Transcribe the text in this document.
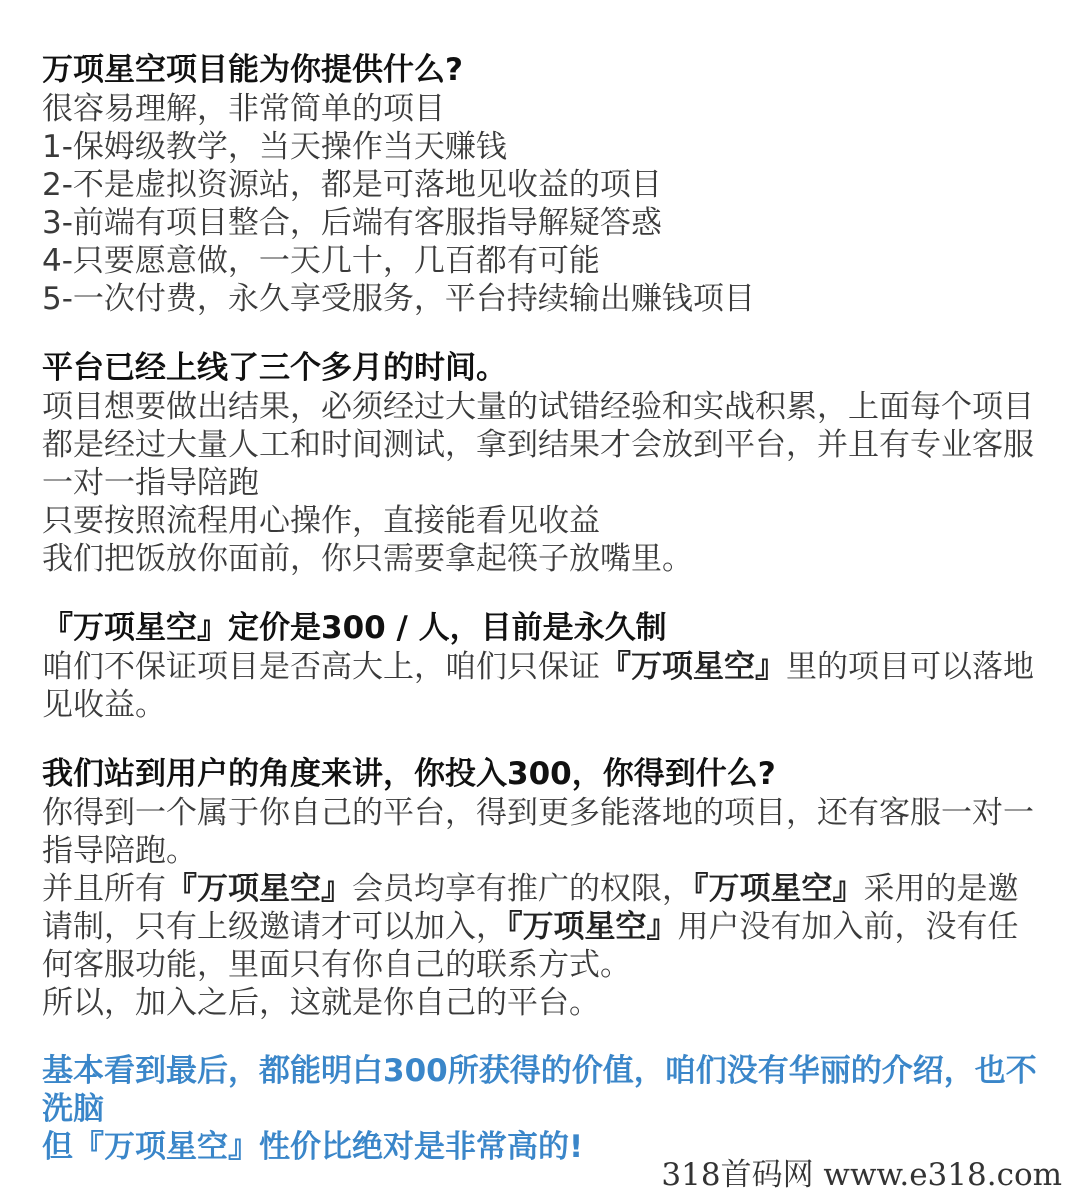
万项星空项目能为你提供什么?
很容易理解，非常简单的项目
1-保姆级教学，当天操作当天赚钱
2-不是虚拟资源站，都是可落地见收益的项目
3-前端有项目整合，后端有客服指导解疑答惑
4-只要愿意做，一天几十，几百都有可能
5-一次付费，永久享受服务，平台持续输出赚钱项目
平台已经上线了三个多月的时间。
项目想要做出结果，必须经过大量的试错经验和实战积累，上面每个项目都是经过大量人工和时间测试，拿到结果才会放到平台，并且有专业客服一对一指导陪跑
只要按照流程用心操作，直接能看见收益
我们把饭放你面前，你只需要拿起筷子放嘴里。
『万项星空』定价是300 / 人，目前是永久制
咱们不保证项目是否高大上，咱们只保证『万项星空』里的项目可以落地见收益。
我们站到用户的角度来讲，你投入300，你得到什么?
你得到一个属于你自己的平台，得到更多能落地的项目，还有客服一对一指导陪跑。
并且所有『万项星空』会员均享有推广的权限，『万项星空』采用的是邀请制，只有上级邀请才可以加入，『万项星空』用户没有加入前，没有任何客服功能，里面只有你自己的联系方式。
所以，加入之后，这就是你自己的平台。
基本看到最后，都能明白300所获得的价值，咱们没有华丽的介绍，也不洗脑
但『万项星空』性价比绝对是非常高的!
318首码网 www.e318.com
